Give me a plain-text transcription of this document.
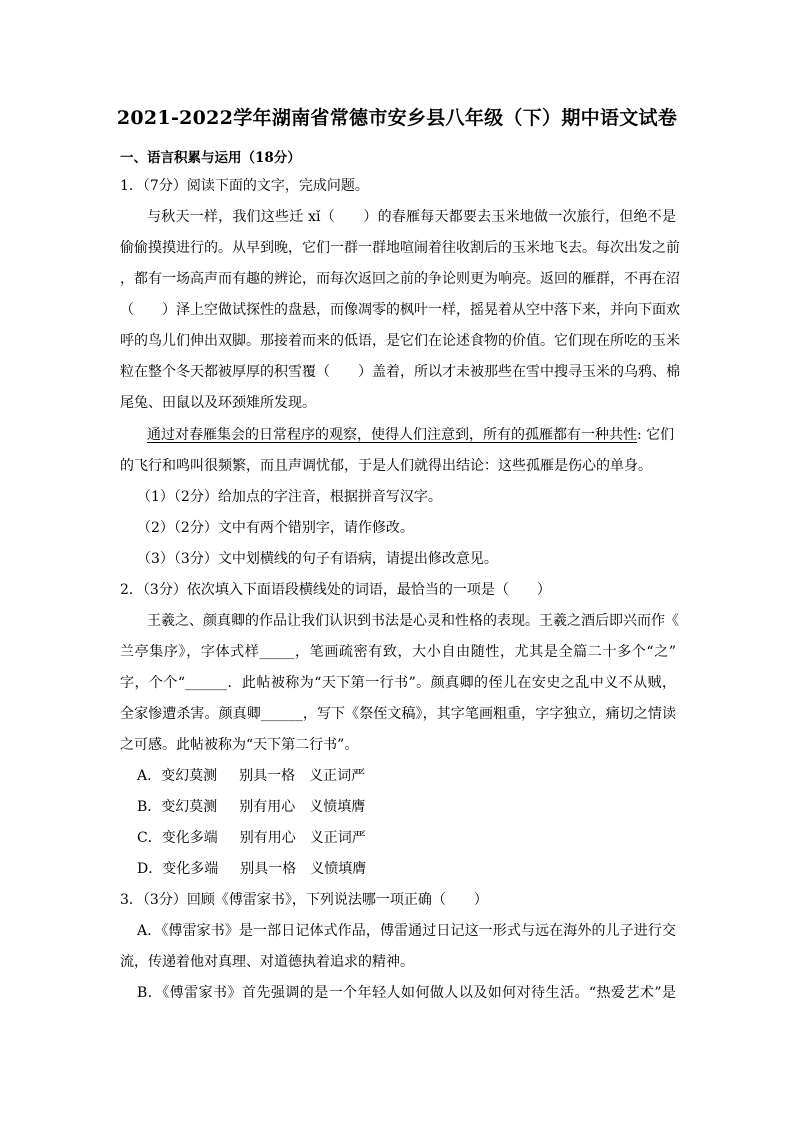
2021-2022学年湖南省常德市安乡县八年级（下）期中语文试卷
一、语言积累与运用（18分）
1．（7分）阅读下面的文字，完成问题。
与秋天一样，我们这些迁 xǐ（　　）的春雁每天都要去玉米地做一次旅行，但绝不是
偷偷摸摸进行的。从早到晚，它们一群一群地喧闹着往收割后的玉米地飞去。每次出发之前
，都有一场高声而有趣的辨论，而每次返回之前的争论则更为响亮。返回的雁群，不再在沼
（　　）泽上空做试探性的盘悬，而像凋零的枫叶一样，摇晃着从空中落下来，并向下面欢
呼的鸟儿们伸出双脚。那接着而来的低语，是它们在论述食物的价值。它们现在所吃的玉米
粒在整个冬天都被厚厚的积雪覆（　　）盖着，所以才未被那些在雪中搜寻玉米的乌鸦、棉
尾兔、田鼠以及环颈雉所发现。
通过对春雁集会的日常程序的观察，使得人们注意到，所有的孤雁都有一种共性: 它们
的飞行和鸣叫很频繁，而且声调忧郁，于是人们就得出结论：这些孤雁是伤心的单身。
（1）（2分）给加点的字注音，根据拼音写汉字。
（2）（2分）文中有两个错别字，请作修改。
（3）（3分）文中划横线的句子有语病，请提出修改意见。
2．（3分）依次填入下面语段横线处的词语，最恰当的一项是（　　）
王羲之、颜真卿的作品让我们认识到书法是心灵和性格的表现。王羲之酒后即兴而作《
兰亭集序》，字体式样_____，笔画疏密有致，大小自由随性，尤其是全篇二十多个“之”
字，个个“______．此帖被称为“天下第一行书”。颜真卿的侄儿在安史之乱中义不从贼，
全家惨遭杀害。颜真卿______，写下《祭侄文稿》，其字笔画粗重，字字独立，痛切之情读
之可感。此帖被称为“天下第二行书”。
A．变幻莫测 别具一格 义正词严
B．变幻莫测 别有用心 义愤填膺
C．变化多端 别有用心 义正词严
D．变化多端 别具一格 义愤填膺
3．（3分）回顾《傅雷家书》，下列说法哪一项正确（　　）
A．《傅雷家书》是一部日记体式作品，傅雷通过日记这一形式与远在海外的儿子进行交
流，传递着他对真理、对道德执着追求的精神。
B．《傅雷家书》首先强调的是一个年轻人如何做人以及如何对待生活。“热爱艺术”是
